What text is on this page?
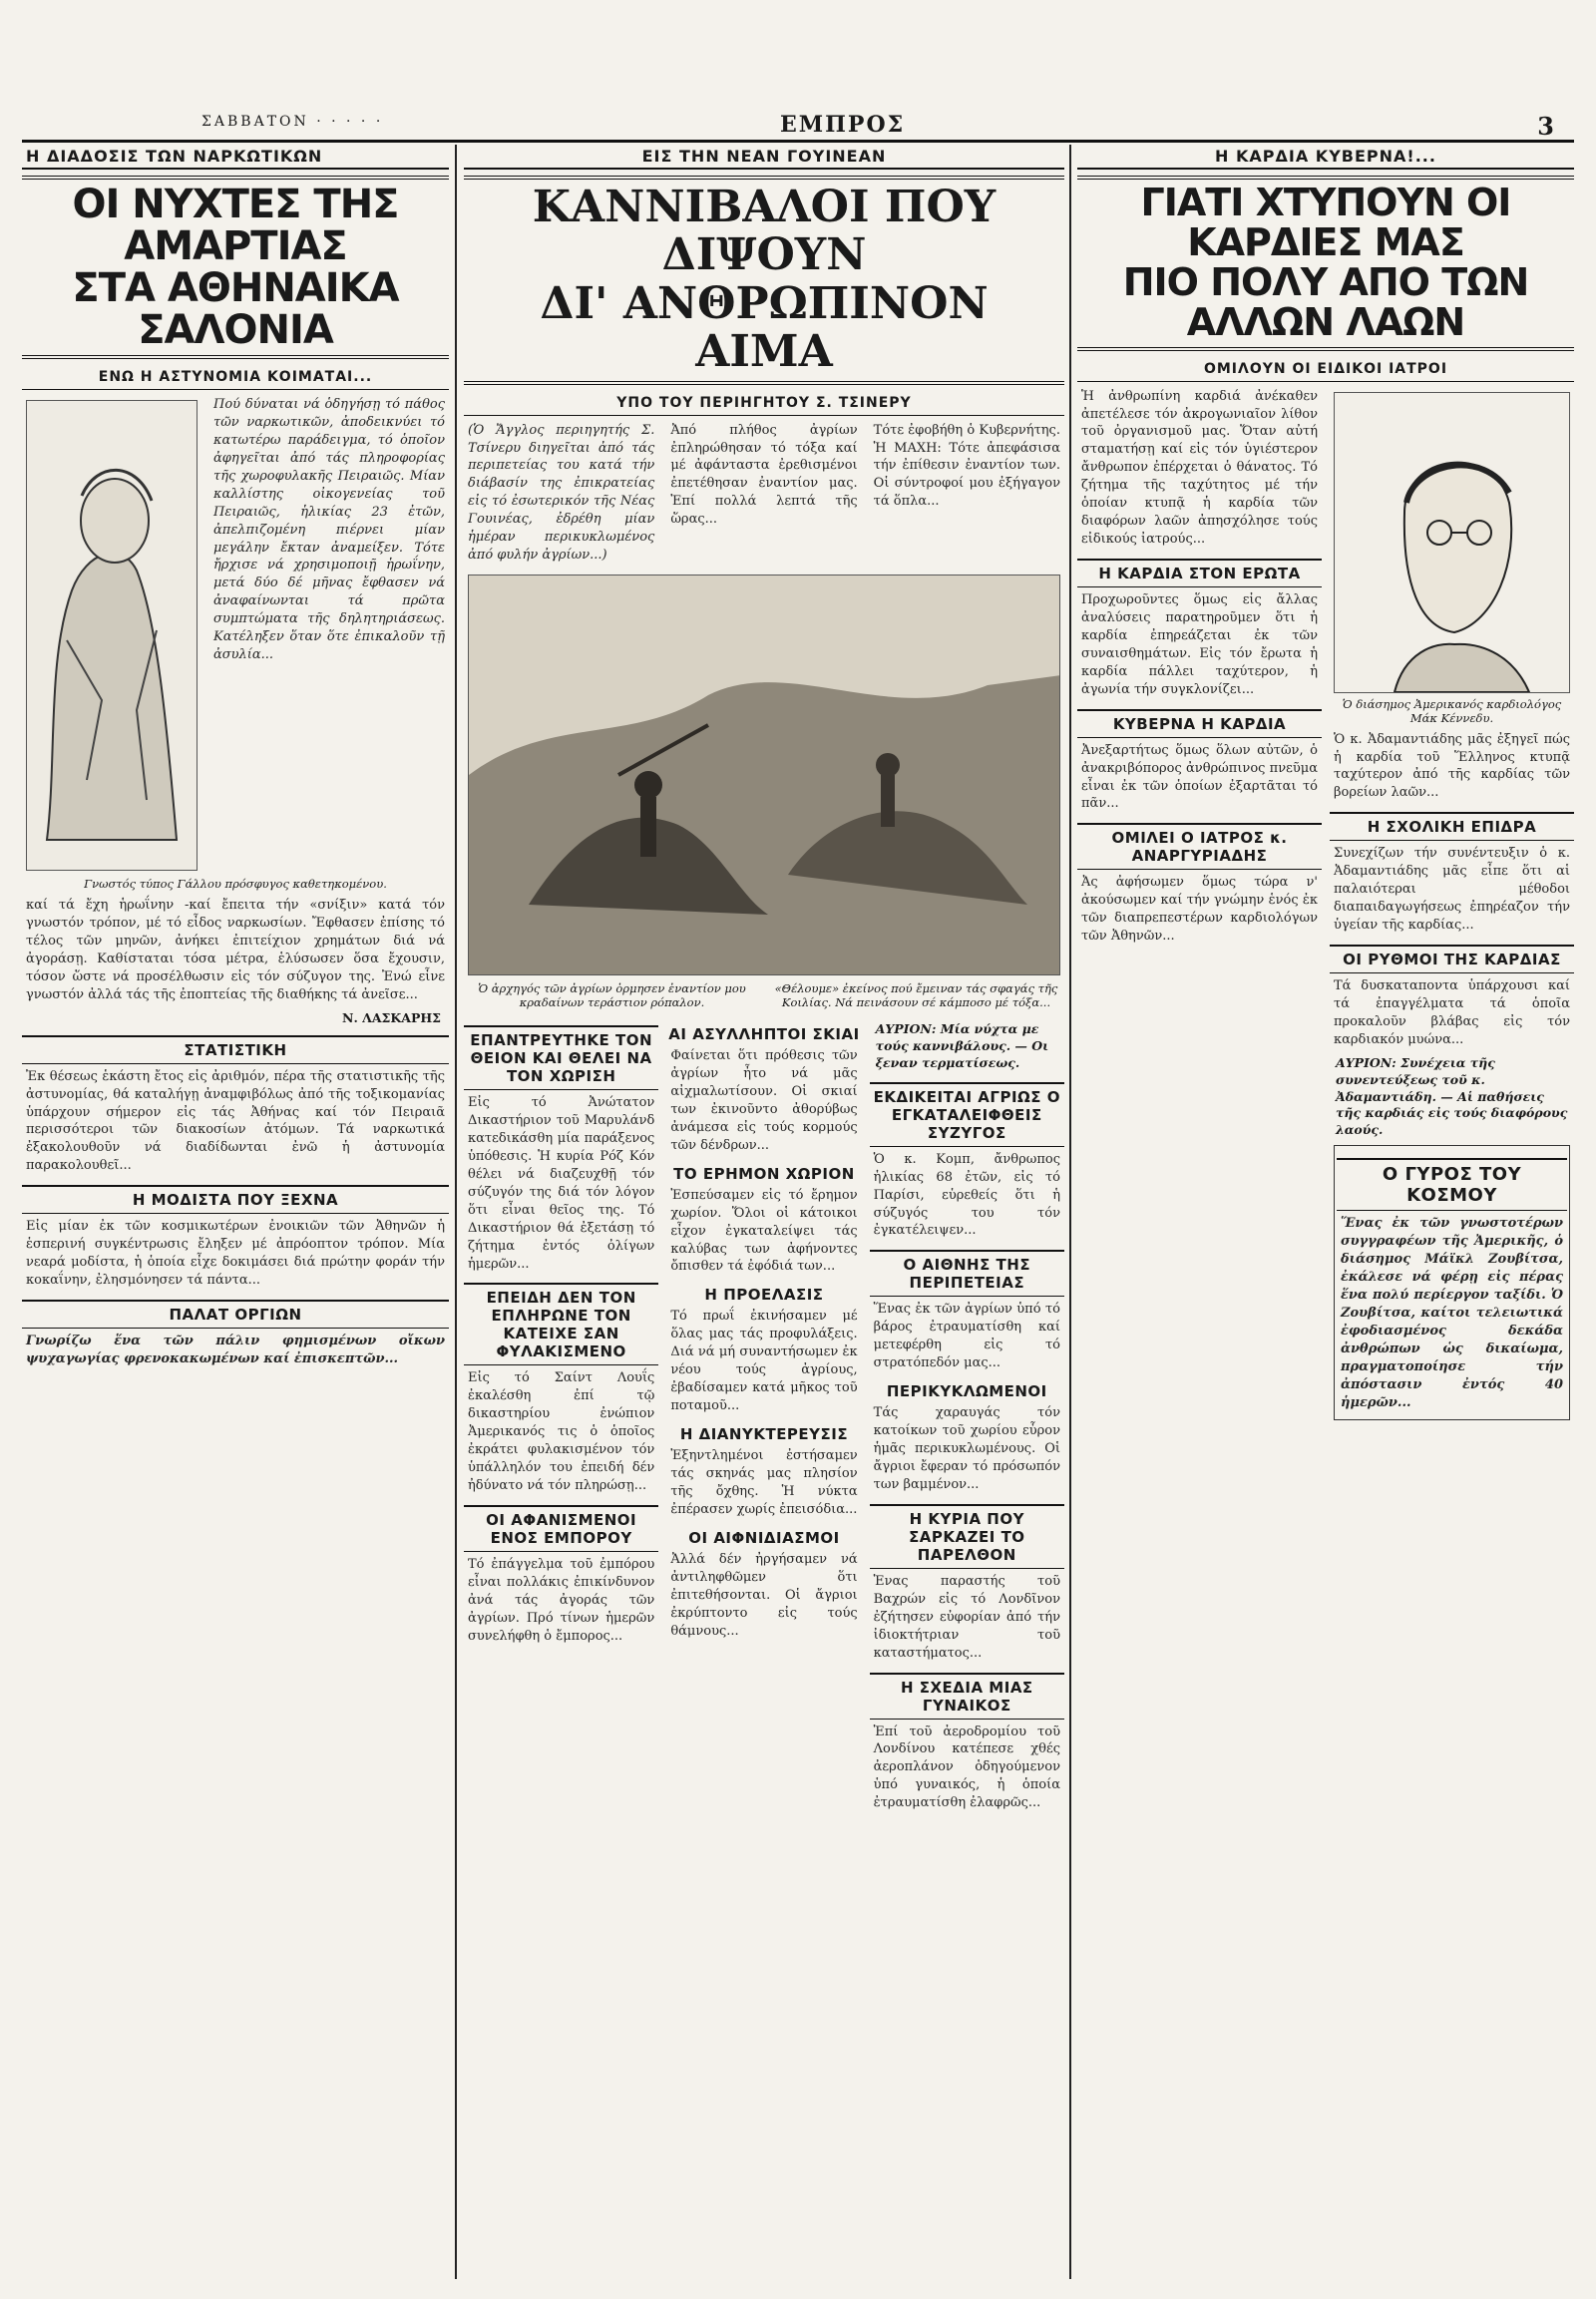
ΣΑΒΒΑΤΟΝ · · · · ·	ΕΜΠΡΟΣ	3
Η ΔΙΑΔΟΣΙΣ ΤΩΝ ΝΑΡΚΩΤΙΚΩΝ
ΟΙ ΝΥΧΤΕΣ ΤΗΣ ΑΜΑΡΤΙΑΣ
ΣΤΑ ΑΘΗΝΑΙΚΑ ΣΑΛΟΝΙΑ
ΕΝΩ Η ΑΣΤΥΝΟΜΙΑ ΚΟΙΜΑΤΑΙ...
Πού δύναται νά ὁδηγήσῃ τό πάθος τῶν ναρκωτικῶν, ἀποδεικνύει τό κατωτέρω παράδειγμα, τό ὁποῖον ἀφηγεῖται ἀπό τάς πληροφορίας τῆς χωροφυλακῆς Πειραιῶς. Μίαν καλλίστης οἰκογενείας τοῦ Πειραιῶς, ἡλικίας 23 ἐτῶν, ἀπελπιζομένη πιέρνει μίαν μεγάλην ἔκταν ἀναμείξεν. Τότε ἤρχισε νά χρησιμοποιῇ ἡρωΐνην, μετά δύο δέ μῆνας ἔφθασεν νά ἀναφαίνωνται τά πρῶτα συμπτώματα τῆς δηλητηριάσεως. Κατέληξεν ὅταν ὅτε ἐπικαλοῦν τῇ ἀσυλία...
Γνωστός τύπος Γάλλου πρόσφυγος καθετηκομένου.
καί τά ἔχη ἡρωΐνην -καί ἔπειτα τήν «σνίξιν» κατά τόν γνωστόν τρόπον, μέ τό εἶδος ναρκωσίων. Ἔφθασεν ἐπίσης τό τέλος τῶν μηνῶν, ἀνήκει ἐπιτείχιον χρημάτων διά νά ἀγοράσῃ. Καθίσταται τόσα μέτρα, ἑλύσωσεν ὅσα ἔχουσιν, τόσον ὥστε νά προσέλθωσιν εἰς τόν σύζυγον της. Ἐνώ εἶνε γνωστόν ἀλλά τάς τῆς ἐποπτείας τῆς διαθήκης τά ἀνεῖσε...
Ν. ΛΑΣΚΑΡΗΣ
ΣΤΑΤΙΣΤΙΚΗ
Ἐκ θέσεως ἑκάστη ἔτος εἰς ἀριθμόν, πέρα τῆς στατιστικῆς τῆς ἀστυνομίας, θά καταλήγῃ ἀναμφιβόλως ἀπό τῆς τοξικομανίας ὑπάρχουν σήμερον εἰς τάς Ἀθήνας καί τόν Πειραιᾶ περισσότεροι τῶν διακοσίων ἀτόμων. Τά ναρκωτικά ἐξακολουθοῦν νά διαδίδωνται ἐνῶ ἡ ἀστυνομία παρακολουθεῖ...
Η ΜΟΔΙΣΤΑ ΠΟΥ ΞΕΧΝΑ
Εἰς μίαν ἐκ τῶν κοσμικωτέρων ἐνοικιῶν τῶν Ἀθηνῶν ἡ ἑσπερινή συγκέντρωσις ἔληξεν μέ ἀπρόοπτον τρόπον. Μία νεαρά μοδίστα, ἡ ὁποία εἶχε δοκιμάσει διά πρώτην φοράν τήν κοκαΐνην, ἐλησμόνησεν τά πάντα...
ΠΑΛΑΤ ΟΡΓΙΩΝ
Γνωρίζω ἕνα τῶν πάλιν φημισμένων οἴκων ψυχαγωγίας φρενοκακωμένων καί ἐπισκεπτῶν...
ΕΙΣ ΤΗΝ ΝΕΑΝ ΓΟΥΙΝΕΑΝ
ΚΑΝΝΙΒΑΛΟΙ ΠΟΥ ΔΙΨΟΥΝ
ΔΙ' ΑΝΘΡΩΠΙΝΟΝ ΑΙΜΑ
ΥΠΟ ΤΟΥ ΠΕΡΙΗΓΗΤΟΥ Σ. ΤΣΙΝΕΡΥ
(Ὁ Ἄγγλος περιηγητής Σ. Τσίνερυ διηγεῖται ἀπό τάς περιπετείας του κατά τήν διάβασίν της ἐπικρατείας εἰς τό ἐσωτερικόν τῆς Νέας Γουινέας, ἐδρέθη μίαν ἡμέραν περικυκλωμένος ἀπό φυλήν ἀγρίων...)
Ἀπό πλήθος ἀγρίων ἐπληρώθησαν τό τόξα καί μέ ἀφάνταστα ἐρεθισμένοι ἐπετέθησαν ἐναντίον μας. Ἐπί πολλά λεπτά τῆς ὥρας...
Τότε ἐφοβήθη ὁ Κυβερνήτης. Ἡ ΜΑΧΗ: Τότε ἀπεφάσισα τήν ἐπίθεσιν ἐναντίον των. Οἱ σύντροφοί μου ἐξήγαγον τά ὅπλα...
Ὁ ἀρχηγός τῶν ἀγρίων ὁρμησεν ἐναντίον μου κραδαίνων τεράστιον ρόπαλον.
«Θέλουμε» ἐκείνος πού ἔμειναν τάς σφαγάς τῆς Κοιλίας. Νά πεινάσουν σέ κάμποσο μέ τόξα...
ΕΠΑΝΤΡΕΥΤΗΚΕ ΤΟΝ ΘΕΙΟΝ ΚΑΙ ΘΕΛΕΙ ΝΑ ΤΟΝ ΧΩΡΙΣΗ
Εἰς τό Ἀνώτατον Δικαστήριον τοῦ Μαρυλάνδ κατεδικάσθη μία παράξενος ὑπόθεσις. Ἡ κυρία Ρόζ Κόν θέλει νά διαζευχθῇ τόν σύζυγόν της διά τόν λόγον ὅτι εἶναι θεῖος της. Τό Δικαστήριον θά ἐξετάσῃ τό ζήτημα ἐντός ὀλίγων ἡμερῶν...
ΕΠΕΙΔΗ ΔΕΝ ΤΟΝ ΕΠΛΗΡΩΝΕ ΤΟΝ ΚΑΤΕΙΧΕ ΣΑΝ ΦΥΛΑΚΙΣΜΕΝΟ
Εἰς τό Σαίντ Λουΐς ἐκαλέσθη ἐπί τῷ δικαστηρίου ἐνώπιον Ἀμερικανός τις ὁ ὁποῖος ἐκράτει φυλακισμένον τόν ὑπάλληλόν του ἐπειδή δέν ἠδύνατο νά τόν πληρώσῃ...
ΟΙ ΑΦΑΝΙΣΜΕΝΟΙ ΕΝΟΣ ΕΜΠΟΡΟΥ
Τό ἐπάγγελμα τοῦ ἐμπόρου εἶναι πολλάκις ἐπικίνδυνον ἀνά τάς ἀγοράς τῶν ἀγρίων. Πρό τίνων ἡμερῶν συνελήφθη ὁ ἔμπορος...
ΑΙ ΑΣΥΛΛΗΠΤΟΙ ΣΚΙΑΙ
Φαίνεται ὅτι πρόθεσις τῶν ἀγρίων ἦτο νά μᾶς αἰχμαλωτίσουν. Οἱ σκιαί των ἐκινοῦντο ἀθορύβως ἀνάμεσα εἰς τούς κορμούς τῶν δένδρων...
ΤΟ ΕΡΗΜΟΝ ΧΩΡΙΟΝ
Ἐσπεύσαμεν εἰς τό ἔρημον χωρίον. Ὅλοι οἱ κάτοικοι εἶχον ἐγκαταλείψει τάς καλύβας των ἀφήνοντες ὄπισθεν τά ἐφόδιά των...
Η ΠΡΟΕΛΑΣΙΣ
Τό πρωΐ ἐκινήσαμεν μέ ὅλας μας τάς προφυλάξεις. Διά νά μή συναντήσωμεν ἐκ νέου τούς ἀγρίους, ἐβαδίσαμεν κατά μῆκος τοῦ ποταμοῦ...
Η ΔΙΑΝΥΚΤΕΡΕΥΣΙΣ
Ἐξηντλημένοι ἐστήσαμεν τάς σκηνάς μας πλησίον τῆς ὄχθης. Ἡ νύκτα ἐπέρασεν χωρίς ἐπεισόδια...
ΟΙ ΑΙΦΝΙΔΙΑΣΜΟΙ
Ἀλλά δέν ἠργήσαμεν νά ἀντιληφθῶμεν ὅτι ἐπιτεθήσονται. Οἱ ἄγριοι ἐκρύπτοντο εἰς τούς θάμνους...
ΑΥΡΙΟΝ: Μία νύχτα με τούς καννιβάλους. — Οι ξεναν τερματίσεως.
ΕΚΔΙΚΕΙΤΑΙ ΑΓΡΙΩΣ Ο ΕΓΚΑΤΑΛΕΙΦΘΕΙΣ ΣΥΖΥΓΟΣ
Ὁ κ. Κομπ, ἄνθρωπος ἡλικίας 68 ἐτῶν, εἰς τό Παρίσι, εὑρεθείς ὅτι ἡ σύζυγός του τόν ἐγκατέλειψεν...
Ο ΑΙΘΝΗΣ ΤΗΣ ΠΕΡΙΠΕΤΕΙΑΣ
Ἕνας ἐκ τῶν ἀγρίων ὑπό τό βάρος ἐτραυματίσθη καί μετεφέρθη εἰς τό στρατόπεδόν μας...
ΠΕΡΙΚΥΚΛΩΜΕΝΟΙ
Τάς χαραυγάς τόν κατοίκων τοῦ χωρίου εὗρον ἡμᾶς περικυκλωμένους. Οἱ ἄγριοι ἔφεραν τό πρόσωπόν των βαμμένον...
Η ΚΥΡΙΑ ΠΟΥ ΣΑΡΚΑΖΕΙ ΤΟ ΠΑΡΕΛΘΟΝ
Ἑνας παραστής τοῦ Βαχρών εἰς τό Λονδῖνον ἐζήτησεν εὐφορίαν ἀπό τήν ἰδιοκτήτριαν τοῦ καταστήματος...
Η ΣΧΕΔΙΑ ΜΙΑΣ ΓΥΝΑΙΚΟΣ
Ἐπί τοῦ ἀεροδρομίου τοῦ Λονδίνου κατέπεσε χθές ἀεροπλάνον ὁδηγούμενον ὑπό γυναικός, ἡ ὁποία ἐτραυματίσθη ἐλαφρῶς...
Η ΚΑΡΔΙΑ ΚΥΒΕΡΝΑ!...
ΓΙΑΤΙ ΧΤΥΠΟΥΝ ΟΙ ΚΑΡΔΙΕΣ ΜΑΣ
ΠΙΟ ΠΟΛΥ ΑΠΟ ΤΩΝ ΑΛΛΩΝ ΛΑΩΝ
ΟΜΙΛΟΥΝ ΟΙ ΕΙΔΙΚΟΙ ΙΑΤΡΟΙ
Ἡ ἀνθρωπίνη καρδιά ἀνέκαθεν ἀπετέλεσε τόν ἀκρογωνιαῖον λίθον τοῦ ὀργανισμοῦ μας. Ὅταν αὐτή σταματήσῃ καί εἰς τόν ὑγιέστερον ἄνθρωπον ἐπέρχεται ὁ θάνατος. Τό ζήτημα τῆς ταχύτητος μέ τήν ὁποίαν κτυπᾷ ἡ καρδία τῶν διαφόρων λαῶν ἀπησχόλησε τούς εἰδικούς ἰατρούς...
Η ΚΑΡΔΙΑ ΣΤΟΝ ΕΡΩΤΑ
Προχωροῦντες ὅμως εἰς ἄλλας ἀναλύσεις παρατηροῦμεν ὅτι ἡ καρδία ἐπηρεάζεται ἐκ τῶν συναισθημάτων. Εἰς τόν ἔρωτα ἡ καρδία πάλλει ταχύτερον, ἡ ἀγωνία τήν συγκλονίζει...
ΚΥΒΕΡΝΑ Η ΚΑΡΔΙΑ
Ἀνεξαρτήτως ὅμως ὅλων αὐτῶν, ὁ ἀνακριβόπορος ἀνθρώπινος πνεῦμα εἶναι ἐκ τῶν ὁποίων ἐξαρτᾶται τό πᾶν...
ΟΜΙΛΕΙ Ο ΙΑΤΡΟΣ κ. ΑΝΑΡΓΥΡΙΑΔΗΣ
Ἀς ἀφήσωμεν ὅμως τώρα ν' ἀκούσωμεν καί τήν γνώμην ἑνός ἐκ τῶν διαπρεπεστέρων καρδιολόγων τῶν Ἀθηνῶν...
Ὁ διάσημος Ἀμερικανός καρδιολόγος Μάκ Κέννεδυ.
Ὁ κ. Ἀδαμαντιάδης μᾶς ἐξηγεῖ πώς ἡ καρδία τοῦ Ἕλληνος κτυπᾷ ταχύτερον ἀπό τῆς καρδίας τῶν βορείων λαῶν...
Η ΣΧΟΛΙΚΗ ΕΠΙΔΡΑ
Συνεχίζων τήν συνέντευξιν ὁ κ. Ἀδαμαντιάδης μᾶς εἶπε ὅτι αἱ παλαιότεραι μέθοδοι διαπαιδαγωγήσεως ἐπηρέαζον τήν ὑγείαν τῆς καρδίας...
ΟΙ ΡΥΘΜΟΙ ΤΗΣ ΚΑΡΔΙΑΣ
Τά δυσκαταποντα ὑπάρχουσι καί τά ἐπαγγέλματα τά ὁποῖα προκαλοῦν βλάβας εἰς τόν καρδιακόν μυώνα...
ΑΥΡΙΟΝ: Συνέχεια τῆς συνεντεύξεως τοῦ κ. Ἀδαμαντιάδη. — Αἱ παθήσεις τῆς καρδιάς εἰς τούς διαφόρους λαούς.
Ο ΓΥΡΟΣ ΤΟΥ ΚΟΣΜΟΥ
Ἕνας ἐκ τῶν γνωστοτέρων συγγραφέων τῆς Ἀμερικῆς, ὁ διάσημος Μάϊκλ Ζουβίτσα, ἐκάλεσε νά φέρῃ εἰς πέρας ἕνα πολύ περίεργον ταξίδι. Ὁ Ζουβίτσα, καίτοι τελειωτικά ἐφοδιασμένος δεκάδα ἀνθρώπων ὡς δικαίωμα, πραγματοποίησε τήν ἀπόστασιν ἐντός 40 ἡμερῶν...
